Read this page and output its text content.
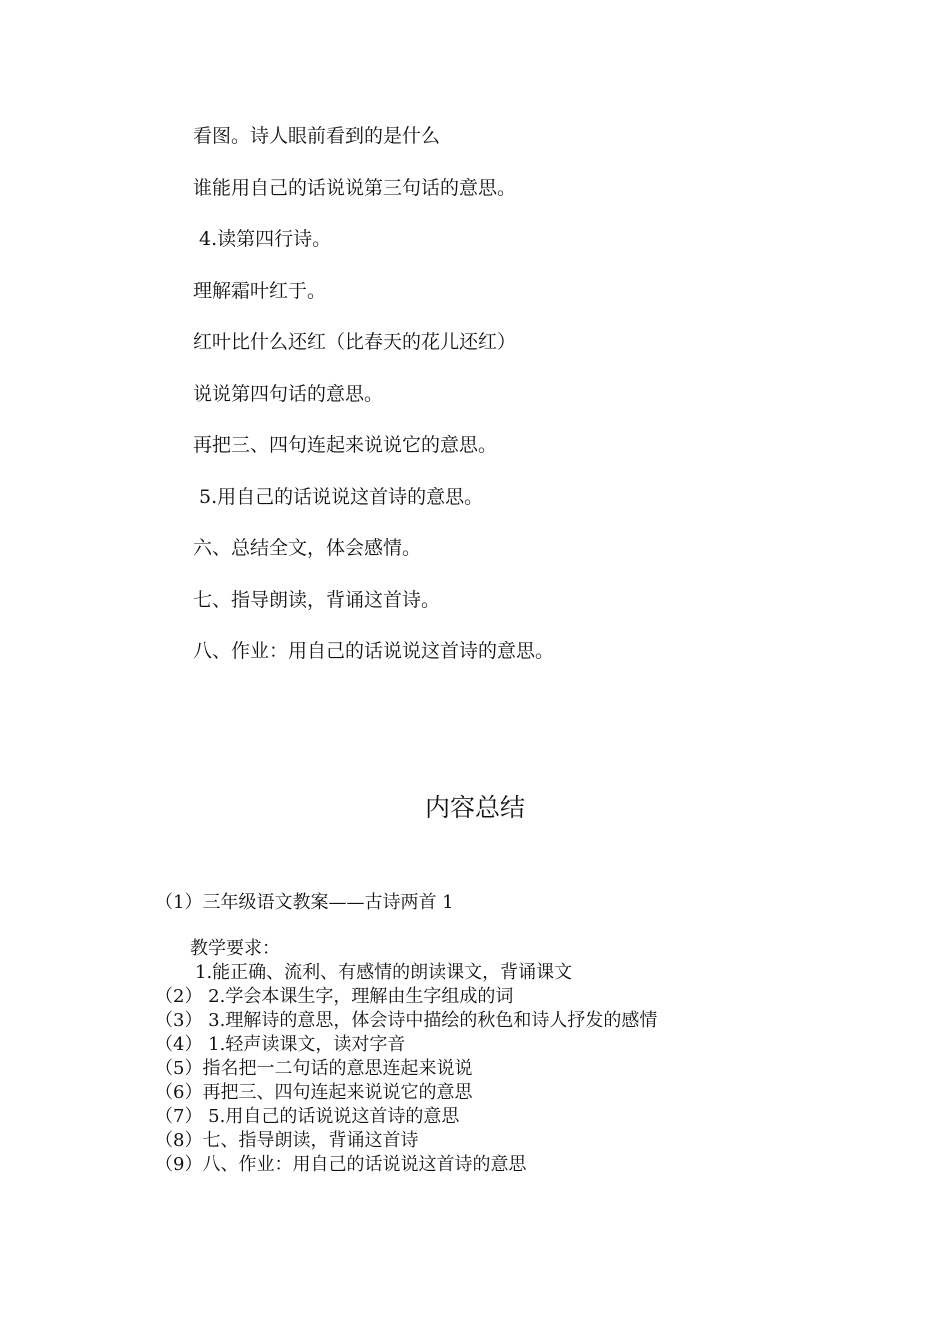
看图。诗人眼前看到的是什么
谁能用自己的话说说第三句话的意思。
4.读第四行诗。
理解霜叶红于。
红叶比什么还红（比春天的花儿还红）
说说第四句话的意思。
再把三、四句连起来说说它的意思。
5.用自己的话说说这首诗的意思。
六、总结全文，体会感情。
七、指导朗读，背诵这首诗。
八、作业：用自己的话说说这首诗的意思。
内容总结
（1）三年级语文教案——古诗两首 1
教学要求：
1.能正确、流利、有感情的朗读课文，背诵课文
（2） 2.学会本课生字，理解由生字组成的词
（3） 3.理解诗的意思，体会诗中描绘的秋色和诗人抒发的感情
（4） 1.轻声读课文，读对字音
（5）指名把一二句话的意思连起来说说
（6）再把三、四句连起来说说它的意思
（7） 5.用自己的话说说这首诗的意思
（8）七、指导朗读，背诵这首诗
（9）八、作业：用自己的话说说这首诗的意思
